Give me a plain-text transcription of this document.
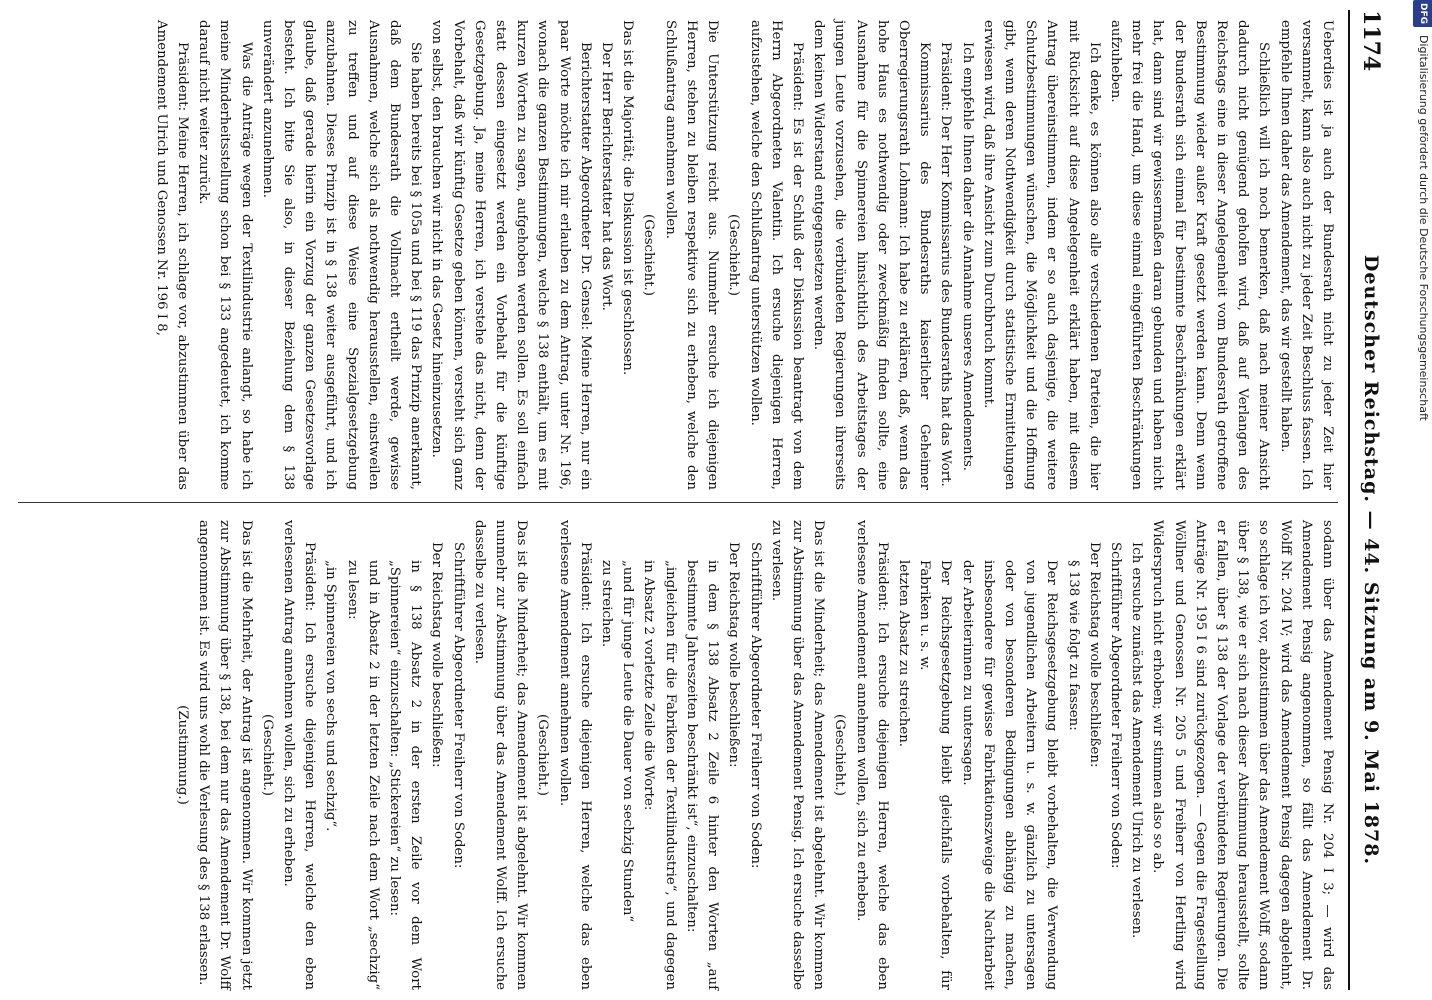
1174
Deutscher Reichstag. — 44. Sitzung am 9. Mai 1878.

Ueberdies ist ja auch der Bundesrath nicht zu jeder Zeit hier versammelt, kann also auch nicht zu jeder Zeit Beschluss fassen. Ich empfehle Ihnen daher das Amendement, das wir gestellt haben.

Schließlich will ich noch bemerken, daß nach meiner Ansicht dadurch nicht genügend geholfen wird, daß auf Verlangen des Reichstags eine in dieser Angelegenheit vom Bundesrath getroffene Bestimmung wieder außer Kraft gesetzt werden kann. Denn wenn der Bundesrath sich einmal für bestimmte Beschränkungen erklärt hat, dann sind wir gewissermaßen daran gebunden und haben nicht mehr frei die Hand, um diese einmal eingeführten Beschränkungen aufzuheben.

Ich denke, es können also alle verschiedenen Parteien, die hier mit Rücksicht auf diese Angelegenheit erklärt haben, mit diesem Antrag übereinstimmen, indem er so auch dasjenige, die weitere Schutzbestimmungen wünschen, die Möglichkeit und die Hoffnung gibt, wenn deren Nothwendigkeit durch statistische Ermittelungen erwiesen wird, daß ihre Ansicht zum Durchbruch kommt.

Ich empfehle Ihnen daher die Annahme unseres Amendements.

Präsident: Der Herr Kommissarius des Bundesraths hat das Wort.

Kommissarius des Bundesraths kaiserlicher Geheimer Oberregierungsrath Lohmann: Ich habe zu erklären, daß, wenn das hohe Haus es nothwendig oder zweckmäßig finden sollte, eine Ausnahme für die Spinnereien hinsichtlich des Arbeitstages der jungen Leute vorzusehen, die verbündeten Regierungen ihrerseits dem keinen Widerstand entgegensetzen werden.

Präsident: Es ist der Schluß der Diskussion beantragt von dem Herrn Abgeordneten Valentin. Ich ersuche diejenigen Herren, aufzustehen, welche den Schlußantrag unterstützen wollen.

(Geschieht.)

Die Unterstützung reicht aus. Nunmehr ersuche ich diejenigen Herren, stehen zu bleiben respektive sich zu erheben, welche den Schlußantrag annehmen wollen.

(Geschieht.)

Das ist die Majorität; die Diskussion ist geschlossen.

Der Herr Berichterstatter hat das Wort.

Berichterstatter Abgeordneter Dr. Gensel: Meine Herren, nur ein paar Worte möchte ich mir erlauben zu dem Antrag, unter Nr. 196, wonach die ganzen Bestimmungen, welche § 138 enthält, um es mit kurzen Worten zu sagen, aufgehoben werden sollen. Es soll einfach statt dessen eingesetzt werden ein Vorbehalt für die künftige Gesetzgebung. Ja, meine Herren, ich verstehe das nicht, denn der Vorbehalt, daß wir künftig Gesetze geben können, versteht sich ganz von selbst, den brauchen wir nicht in das Gesetz hineinzusetzen.

Sie haben bereits bei § 105a und bei § 119 das Prinzip anerkannt, daß dem Bundesrath die Vollmacht ertheilt werde, gewisse Ausnahmen, welche sich als nothwendig herausstellen, einstweilen zu treffen und auf diese Weise eine Spezialgesetzgebung anzubahnen. Dieses Prinzip ist in § 138 weiter ausgeführt, und ich glaube, daß gerade hierin ein Vorzug der ganzen Gesetzesvorlage besteht. Ich bitte Sie also, in dieser Beziehung dem § 138 unverändert anzunehmen.

Was die Anträge wegen der Textilindustrie anlangt, so habe ich meine Minderheitsstellung schon bei § 133 angedeutet, ich komme darauf nicht weiter zurück.

Präsident: Meine Herren, ich schlage vor, abzustimmen über das Amendement Ulrich und Genossen Nr. 196 I 8,

sodann über das Amendement Pensig Nr. 204 I 3; — wird das Amendement Pensig angenommen, so fällt das Amendement Dr. Wolff Nr. 204 IV; wird das Amendement Pensig dagegen abgelehnt, so schlage ich vor, abzustimmen über das Amendement Wolff, sodann über § 138, wie er sich nach dieser Abstimmung herausstellt, sollte er fallen, über § 138 der Vorlage der verbündeten Regierungen. Die Anträge Nr. 195 I 6 sind zurückgezogen. — Gegen die Fragestellung Wöllner und Genossen Nr. 205 5 und Freiherr von Hertling wird Widerspruch nicht erhoben; wir stimmen also so ab.

Ich ersuche zunächst das Amendement Ulrich zu verlesen.

Schriftführer Abgeordneter Freiherr von Soden:

Der Reichstag wolle beschließen:

§ 138 wie folgt zu fassen:

Der Reichsgesetzgebung bleibt vorbehalten, die Verwendung von jugendlichen Arbeitern u. s. w. gänzlich zu untersagen oder von besonderen Bedingungen abhängig zu machen, insbesondere für gewisse Fabrikationszweige die Nachtarbeit der Arbeiterinnen zu untersagen.

Der Reichsgesetzgebung bleibt gleichfalls vorbehalten, für Fabriken u. s. w.

letzten Absatz zu streichen.

Präsident: Ich ersuche diejenigen Herren, welche das eben verlesene Amendement annehmen wollen, sich zu erheben.

(Geschieht.)

Das ist die Minderheit; das Amendement ist abgelehnt. Wir kommen zur Abstimmung über das Amendement Pensig. Ich ersuche dasselbe zu verlesen.

Schriftführer Abgeordneter Freiherr von Soden:

Der Reichstag wolle beschließen:

in dem § 138 Absatz 2 Zeile 6 hinter den Worten „auf bestimmte Jahreszeiten beschränkt ist“, einzuschalten:

„ingleichen für die Fabriken der Textilindustrie“, und dagegen in Absatz 2 vorletzte Zeile die Worte:

„und für junge Leute die Dauer von sechzig Stunden“

zu streichen.

Präsident: Ich ersuche diejenigen Herren, welche das eben verlesene Amendement annehmen wollen.

(Geschieht.)

Das ist die Minderheit; das Amendement ist abgelehnt. Wir kommen nunmehr zur Abstimmung über das Amendement Wolff. Ich ersuche dasselbe zu verlesen.

Schriftführer Abgeordneter Freiherr von Soden:

Der Reichstag wolle beschließen:

in § 138 Absatz 2 in der ersten Zeile vor dem Wort „Spinnereien“ einzuschalten: „Stickereien“ zu lesen:

und in Absatz 2 in der letzten Zeile nach dem Wort „sechzig“ zu lesen:

„in Spinnereien von sechs und sechzig“.

Präsident: Ich ersuche diejenigen Herren, welche den eben verlesenen Antrag annehmen wollen, sich zu erheben.

(Geschieht.)

Das ist die Mehrheit, der Antrag ist angenommen. Wir kommen jetzt zur Abstimmung über § 138, bei dem nur das Amendement Dr. Wolff angenommen ist. Es wird uns wohl die Verlesung des § 138 erlassen.

(Zustimmung.)

DFG
Digitalisierung gefördert durch die Deutsche Forschungsgemeinschaft
